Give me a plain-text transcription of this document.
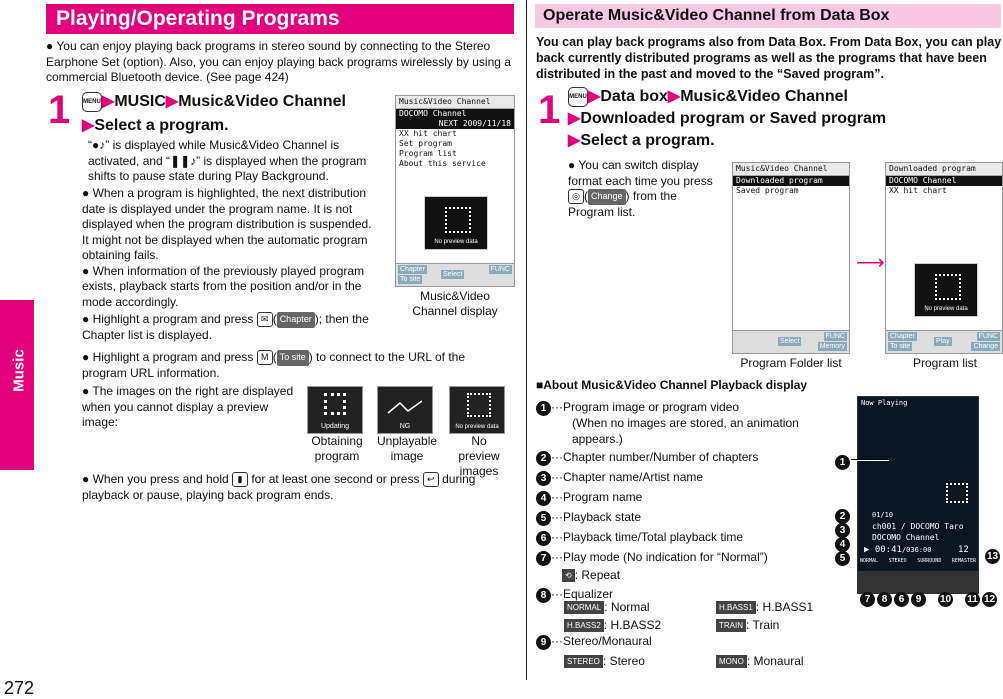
Music
272
Playing/Operating Programs
● You can enjoy playing back programs in stereo sound by connecting to the Stereo Earphone Set (option). Also, you can enjoy playing back programs wirelessly by using a commercial Bluetooth device. (See page 424)
1 MENU▶MUSIC▶Music&Video Channel
▶Select a program.
“●♪” is displayed while Music&Video Channel is activated, and “❚❚♪” is displayed when the program shifts to pause state during Play Background.
● When a program is highlighted, the next distribution date is displayed under the program name. It is not displayed when the program distribution is suspended. It might not be displayed when the automatic program obtaining fails.
● When information of the previously played program exists, playback starts from the position and/or in the mode accordingly.
● Highlight a program and press ✉ ( Chapter ); then the Chapter list is displayed.
● Highlight a program and press M ( To site ) to connect to the URL of the program URL information.
● The images on the right are displayed when you cannot display a preview image:	Updating
Obtaining program
NG
Unplayable image
No preview data
No preview images
● When you press and hold ▮ for at least one second or press ↩ during playback or pause, playing back program ends.
Music&Video Channel
DOCOMO Channel
NEXT 2009/11/18
XX hit chart
Set program
Program list
About this service
No preview data
Chapter
To site
Select
FUNC
Music&Video Channel display
Operate Music&Video Channel from Data Box
You can play back programs also from Data Box. From Data Box, you can play back currently distributed programs as well as the programs that have been distributed in the past and moved to the “Saved program”.
1 MENU▶Data box▶Music&Video Channel
▶Downloaded program or Saved program
▶Select a program.
● You can switch display format each time you press ◎ ( Change ) from the Program list.
Music&Video Channel
Downloaded program
Saved program
Select
FUNC
Memory
Program Folder list
⟶
Downloaded program
DOCOMO Channel
XX hit chart
No preview data
Chapter
To site
Play
FUNC
Change
Program list
■About Music&Video Channel Playback display
1 ···Program image or program video
(When no images are stored, an animation appears.)
2 ···Chapter number/Number of chapters
3 ···Chapter name/Artist name
4 ···Program name
5 ···Playback state
6 ···Playback time/Total playback time
7 ···Play mode (No indication for “Normal”)
⟲ : Repeat
8 ···Equalizer
NORMAL : Normal	H.BASS1 : H.BASS1
H.BASS2 : H.BASS2	TRAIN : Train
9 ···Stereo/Monaural
STEREO : Stereo	MONO : Monaural
Now Playing
01/10
ch001 / DOCOMO Taro
DOCOMO Channel
▶ 00:41/036:00	12
NORMAL STEREO SURROUND REMASTER
1
2
3
4
5	13
7	8	6	9	10 11 12
